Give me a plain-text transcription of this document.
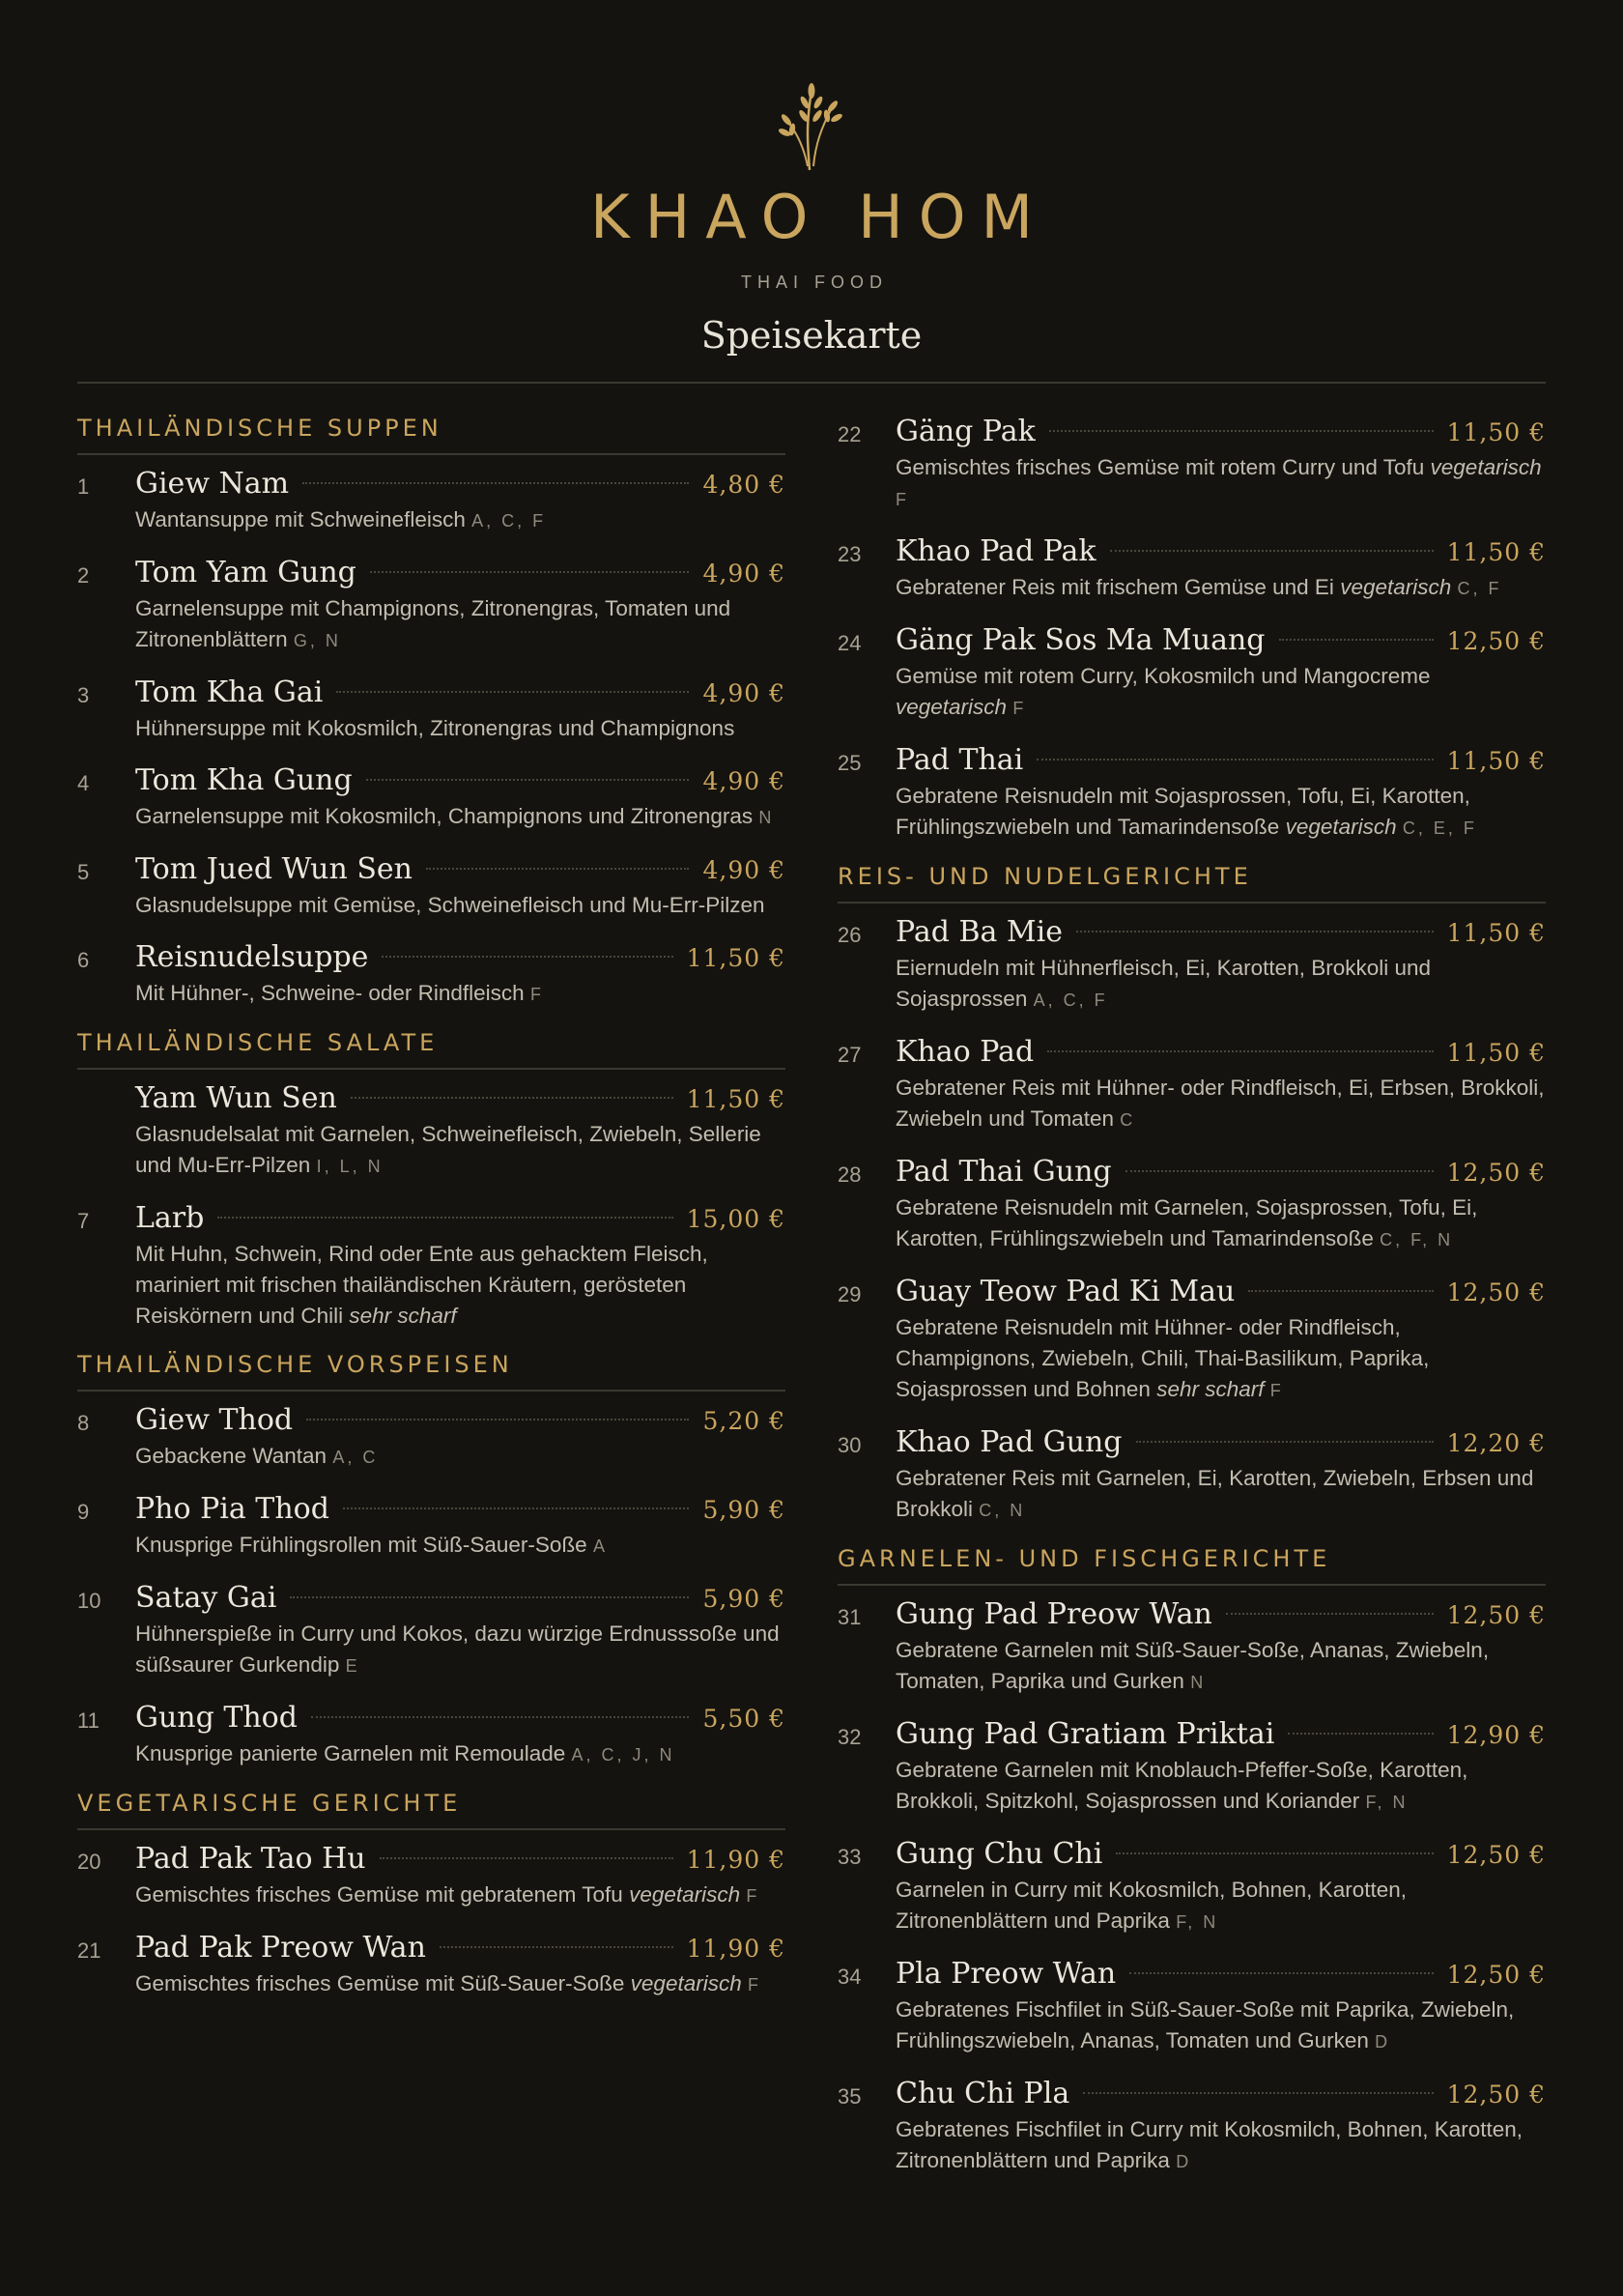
KHAO HOM
THAI FOOD
Speisekarte
THAILÄNDISCHE SUPPEN
1 Giew Nam	4,80 €
Wantansuppe mit Schweinefleisch A, C, F
2 Tom Yam Gung	4,90 €
Garnelensuppe mit Champignons, Zitronengras, Tomaten und Zitronenblättern G, N
3 Tom Kha Gai	4,90 €
Hühnersuppe mit Kokosmilch, Zitronengras und Champignons
4 Tom Kha Gung	4,90 €
Garnelensuppe mit Kokosmilch, Champignons und Zitronengras N
5 Tom Jued Wun Sen	4,90 €
Glasnudelsuppe mit Gemüse, Schweinefleisch und Mu-Err-Pilzen
6 Reisnudelsuppe	11,50 €
Mit Hühner-, Schweine- oder Rindfleisch F
THAILÄNDISCHE SALATE
Yam Wun Sen	11,50 €
Glasnudelsalat mit Garnelen, Schweinefleisch, Zwiebeln, Sellerie und Mu-Err-Pilzen I, L, N
7 Larb	15,00 €
Mit Huhn, Schwein, Rind oder Ente aus gehacktem Fleisch, mariniert mit frischen thailändischen Kräutern, gerösteten Reiskörnern und Chili sehr scharf
THAILÄNDISCHE VORSPEISEN
8 Giew Thod	5,20 €
Gebackene Wantan A, C
9 Pho Pia Thod	5,90 €
Knusprige Frühlingsrollen mit Süß-Sauer-Soße A
10 Satay Gai	5,90 €
Hühnerspieße in Curry und Kokos, dazu würzige Erdnusssoße und süßsaurer Gurkendip E
11 Gung Thod	5,50 €
Knusprige panierte Garnelen mit Remoulade A, C, J, N
VEGETARISCHE GERICHTE
20 Pad Pak Tao Hu	11,90 €
Gemischtes frisches Gemüse mit gebratenem Tofu vegetarisch F
21 Pad Pak Preow Wan	11,90 €
Gemischtes frisches Gemüse mit Süß-Sauer-Soße vegetarisch F
22 Gäng Pak	11,50 €
Gemischtes frisches Gemüse mit rotem Curry und Tofu vegetarisch F
23 Khao Pad Pak	11,50 €
Gebratener Reis mit frischem Gemüse und Ei vegetarisch C, F
24 Gäng Pak Sos Ma Muang	12,50 €
Gemüse mit rotem Curry, Kokosmilch und Mangocreme vegetarisch F
25 Pad Thai	11,50 €
Gebratene Reisnudeln mit Sojasprossen, Tofu, Ei, Karotten, Frühlingszwiebeln und Tamarindensoße vegetarisch C, E, F
REIS- UND NUDELGERICHTE
26 Pad Ba Mie	11,50 €
Eiernudeln mit Hühnerfleisch, Ei, Karotten, Brokkoli und Sojasprossen A, C, F
27 Khao Pad	11,50 €
Gebratener Reis mit Hühner- oder Rindfleisch, Ei, Erbsen, Brokkoli, Zwiebeln und Tomaten C
28 Pad Thai Gung	12,50 €
Gebratene Reisnudeln mit Garnelen, Sojasprossen, Tofu, Ei, Karotten, Frühlingszwiebeln und Tamarindensoße C, F, N
29 Guay Teow Pad Ki Mau	12,50 €
Gebratene Reisnudeln mit Hühner- oder Rindfleisch, Champignons, Zwiebeln, Chili, Thai-Basilikum, Paprika, Sojasprossen und Bohnen sehr scharf F
30 Khao Pad Gung	12,20 €
Gebratener Reis mit Garnelen, Ei, Karotten, Zwiebeln, Erbsen und Brokkoli C, N
GARNELEN- UND FISCHGERICHTE
31 Gung Pad Preow Wan	12,50 €
Gebratene Garnelen mit Süß-Sauer-Soße, Ananas, Zwiebeln, Tomaten, Paprika und Gurken N
32 Gung Pad Gratiam Priktai	12,90 €
Gebratene Garnelen mit Knoblauch-Pfeffer-Soße, Karotten, Brokkoli, Spitzkohl, Sojasprossen und Koriander F, N
33 Gung Chu Chi	12,50 €
Garnelen in Curry mit Kokosmilch, Bohnen, Karotten, Zitronenblättern und Paprika F, N
34 Pla Preow Wan	12,50 €
Gebratenes Fischfilet in Süß-Sauer-Soße mit Paprika, Zwiebeln, Frühlingszwiebeln, Ananas, Tomaten und Gurken D
35 Chu Chi Pla	12,50 €
Gebratenes Fischfilet in Curry mit Kokosmilch, Bohnen, Karotten, Zitronenblättern und Paprika D
